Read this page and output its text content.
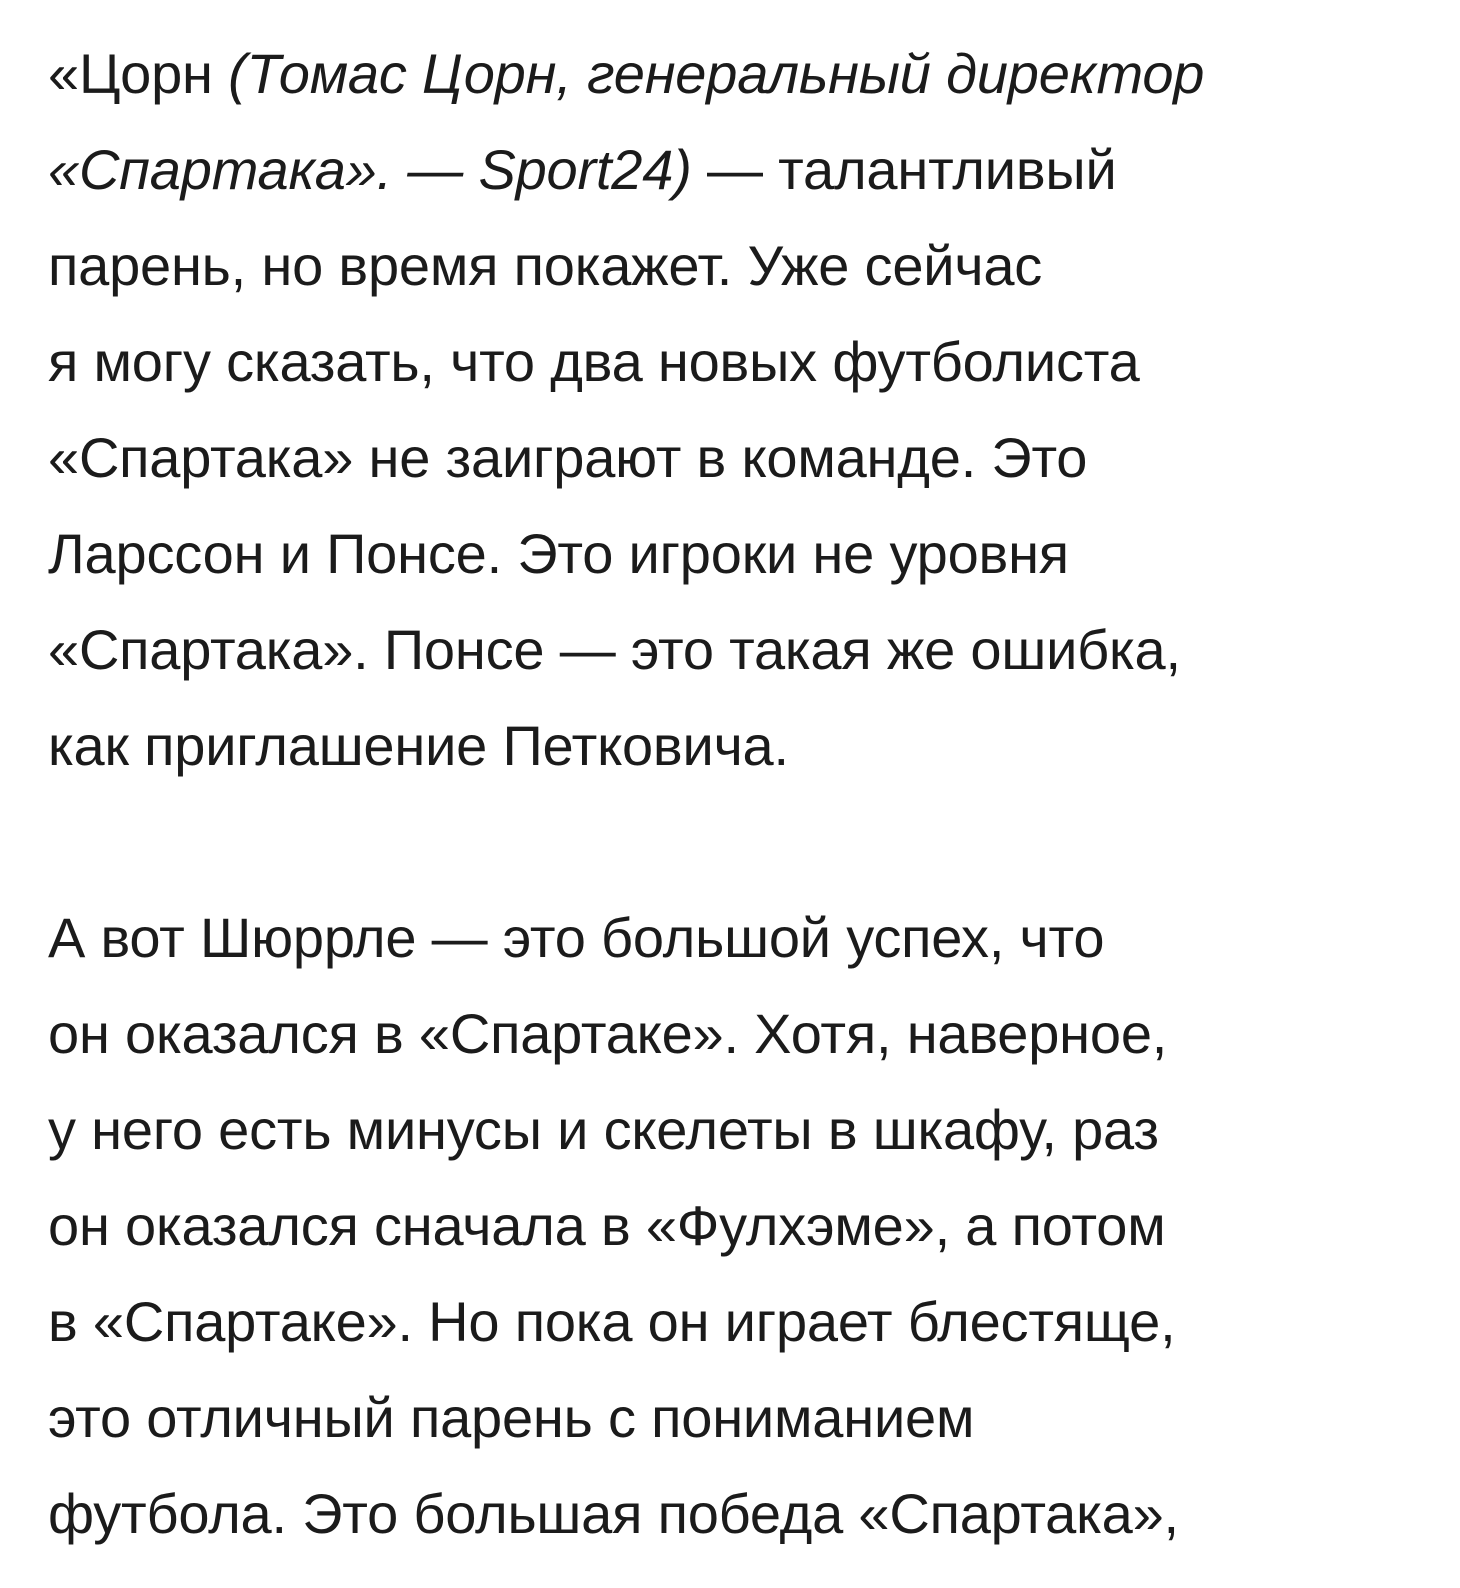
«Цорн (Томас Цорн, генеральный директор
«Спартака». — Sport24) — талантливый
парень, но время покажет. Уже сейчас
я могу сказать, что два новых футболиста
«Спартака» не заиграют в команде. Это
Ларссон и Понсе. Это игроки не уровня
«Спартака». Понсе — это такая же ошибка,
как приглашение Петковича.

А вот Шюррле — это большой успех, что
он оказался в «Спартаке». Хотя, наверное,
у него есть минусы и скелеты в шкафу, раз
он оказался сначала в «Фулхэме», а потом
в «Спартаке». Но пока он играет блестяще,
это отличный парень с пониманием
футбола. Это большая победа «Спартака»,
